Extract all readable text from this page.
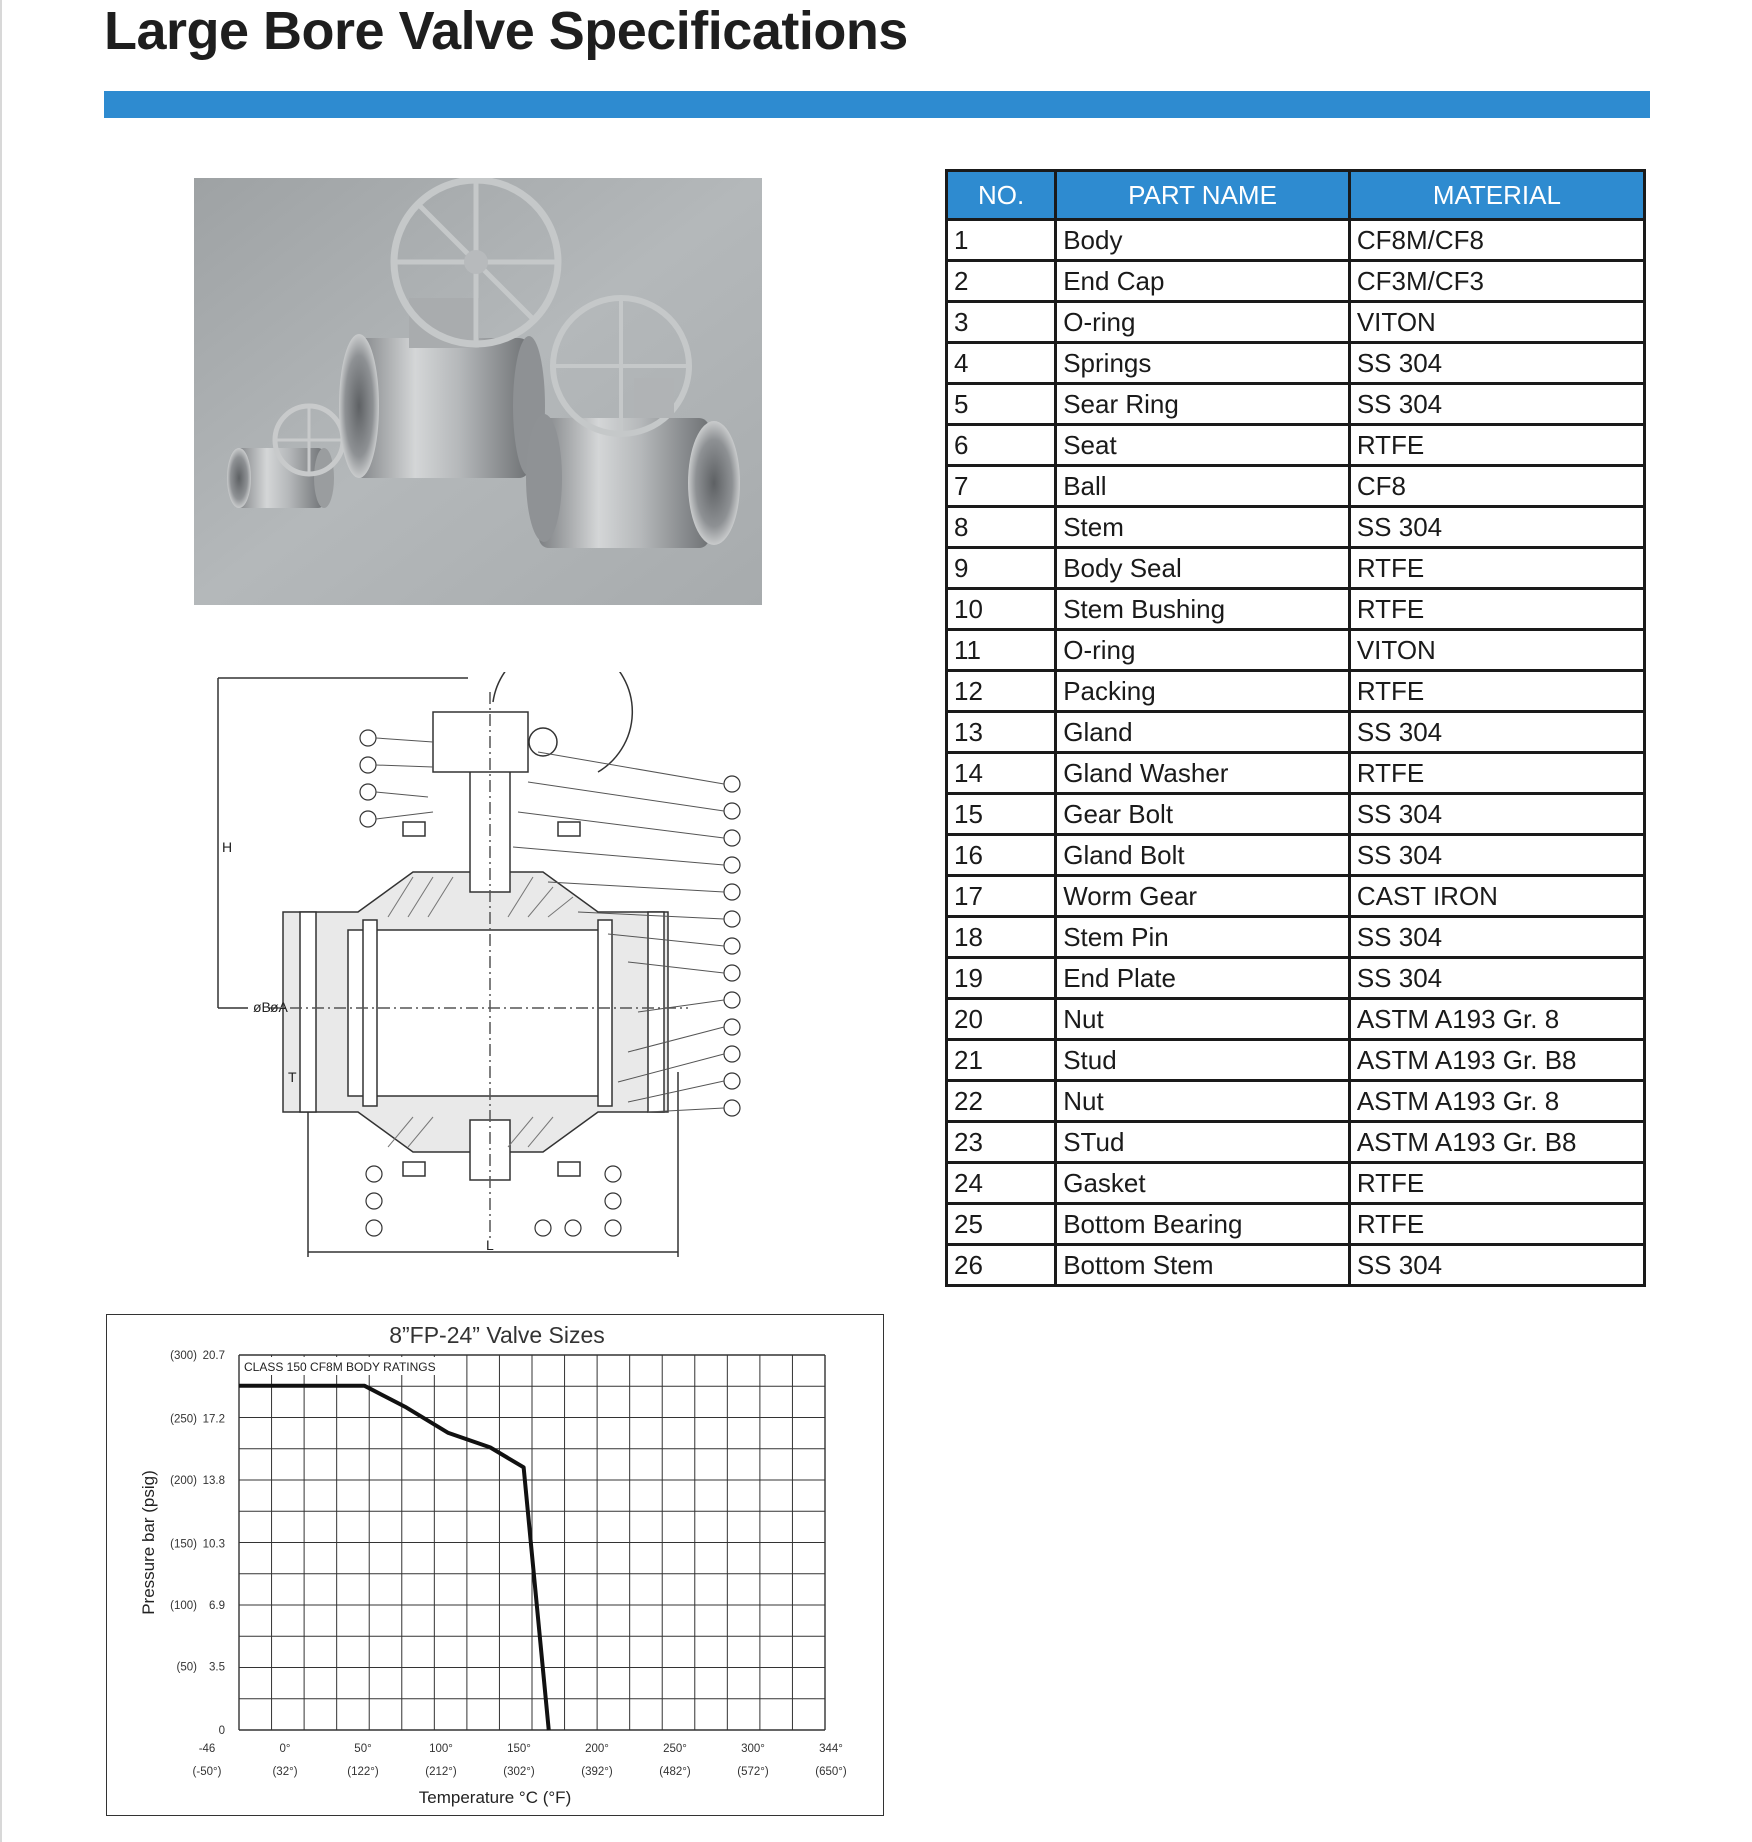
Large Bore Valve Specifications
H
L
øB øA
T
NO.	PART NAME	MATERIAL
1	Body	CF8M/CF8
2	End Cap	CF3M/CF3
3	O-ring	VITON
4	Springs	SS 304
5	Sear Ring	SS 304
6	Seat	RTFE
7	Ball	CF8
8	Stem	SS 304
9	Body Seal	RTFE
10	Stem Bushing	RTFE
11	O-ring	VITON
12	Packing	RTFE
13	Gland	SS 304
14	Gland Washer	RTFE
15	Gear Bolt	SS 304
16	Gland Bolt	SS 304
17	Worm Gear	CAST IRON
18	Stem Pin	SS 304
19	End Plate	SS 304
20	Nut	ASTM A193 Gr. 8
21	Stud	ASTM A193 Gr. B8
22	Nut	ASTM A193 Gr. 8
23	STud	ASTM A193 Gr. B8
24	Gasket	RTFE
25	Bottom Bearing	RTFE
26	Bottom Stem	SS 304
CLASS 150 CF8M BODY RATINGS
8”FP-24” Valve Sizes
0
3.5
(50)
6.9
(100)
10.3
(150)
13.8
(200)
17.2
(250)
20.7
(300)
-46
(-50°)
0°
(32°)
50°
(122°)
100°
(212°)
150°
(302°)
200°
(392°)
250°
(482°)
300°
(572°)
344°
(650°)
Temperature °C (°F)
Pressure bar (psig)
